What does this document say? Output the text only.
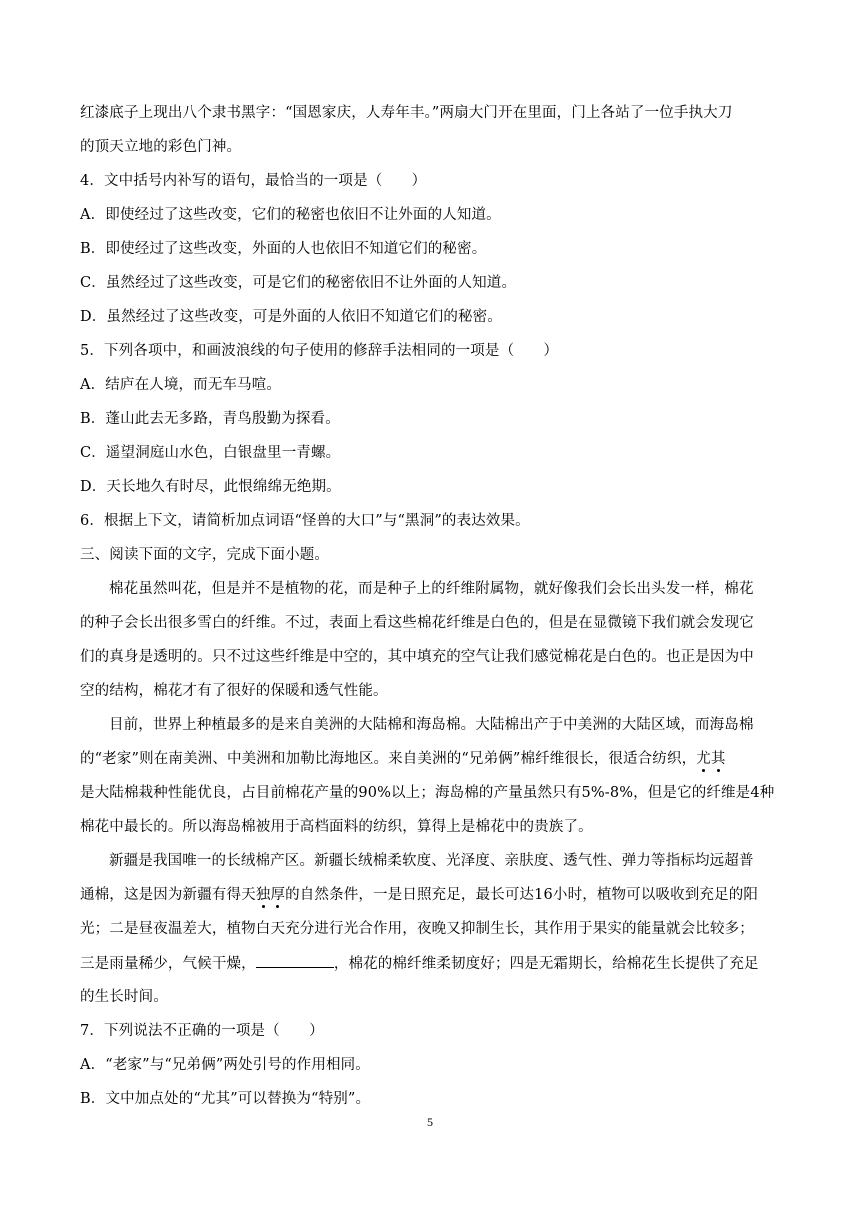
红漆底子上现出八个隶书黑字：“国恩家庆，人寿年丰。”两扇大门开在里面，门上各站了一位手执大刀
的顶天立地的彩色门神。
4．文中括号内补写的语句，最恰当的一项是（　　）
A．即使经过了这些改变，它们的秘密也依旧不让外面的人知道。
B．即使经过了这些改变，外面的人也依旧不知道它们的秘密。
C．虽然经过了这些改变，可是它们的秘密依旧不让外面的人知道。
D．虽然经过了这些改变，可是外面的人依旧不知道它们的秘密。
5．下列各项中，和画波浪线的句子使用的修辞手法相同的一项是（　　）
A．结庐在人境，而无车马喧。
B．蓬山此去无多路，青鸟殷勤为探看。
C．遥望洞庭山水色，白银盘里一青螺。
D．天长地久有时尽，此恨绵绵无绝期。
6．根据上下文，请简析加点词语“怪兽的大口”与“黑洞”的表达效果。
三、阅读下面的文字，完成下面小题。
棉花虽然叫花，但是并不是植物的花，而是种子上的纤维附属物，就好像我们会长出头发一样，棉花
的种子会长出很多雪白的纤维。不过，表面上看这些棉花纤维是白色的，但是在显微镜下我们就会发现它
们的真身是透明的。只不过这些纤维是中空的，其中填充的空气让我们感觉棉花是白色的。也正是因为中
空的结构，棉花才有了很好的保暖和透气性能。
目前，世界上种植最多的是来自美洲的大陆棉和海岛棉。大陆棉出产于中美洲的大陆区域，而海岛棉
的“老家”则在南美洲、中美洲和加勒比海地区。来自美洲的“兄弟俩”棉纤维很长，很适合纺织，尤其
是大陆棉栽种性能优良，占目前棉花产量的90%以上；海岛棉的产量虽然只有5%-8%，但是它的纤维是4种
棉花中最长的。所以海岛棉被用于高档面料的纺织，算得上是棉花中的贵族了。
新疆是我国唯一的长绒棉产区。新疆长绒棉柔软度、光泽度、亲肤度、透气性、弹力等指标均远超普
通棉，这是因为新疆有得天独厚的自然条件，一是日照充足，最长可达16小时，植物可以吸收到充足的阳
光；二是昼夜温差大，植物白天充分进行光合作用，夜晚又抑制生长，其作用于果实的能量就会比较多；
三是雨量稀少，气候干燥，	，棉花的棉纤维柔韧度好；四是无霜期长，给棉花生长提供了充足
的生长时间。
7．下列说法不正确的一项是（　　）
A．“老家”与“兄弟俩”两处引号的作用相同。
B．文中加点处的“尤其”可以替换为“特别”。
5
